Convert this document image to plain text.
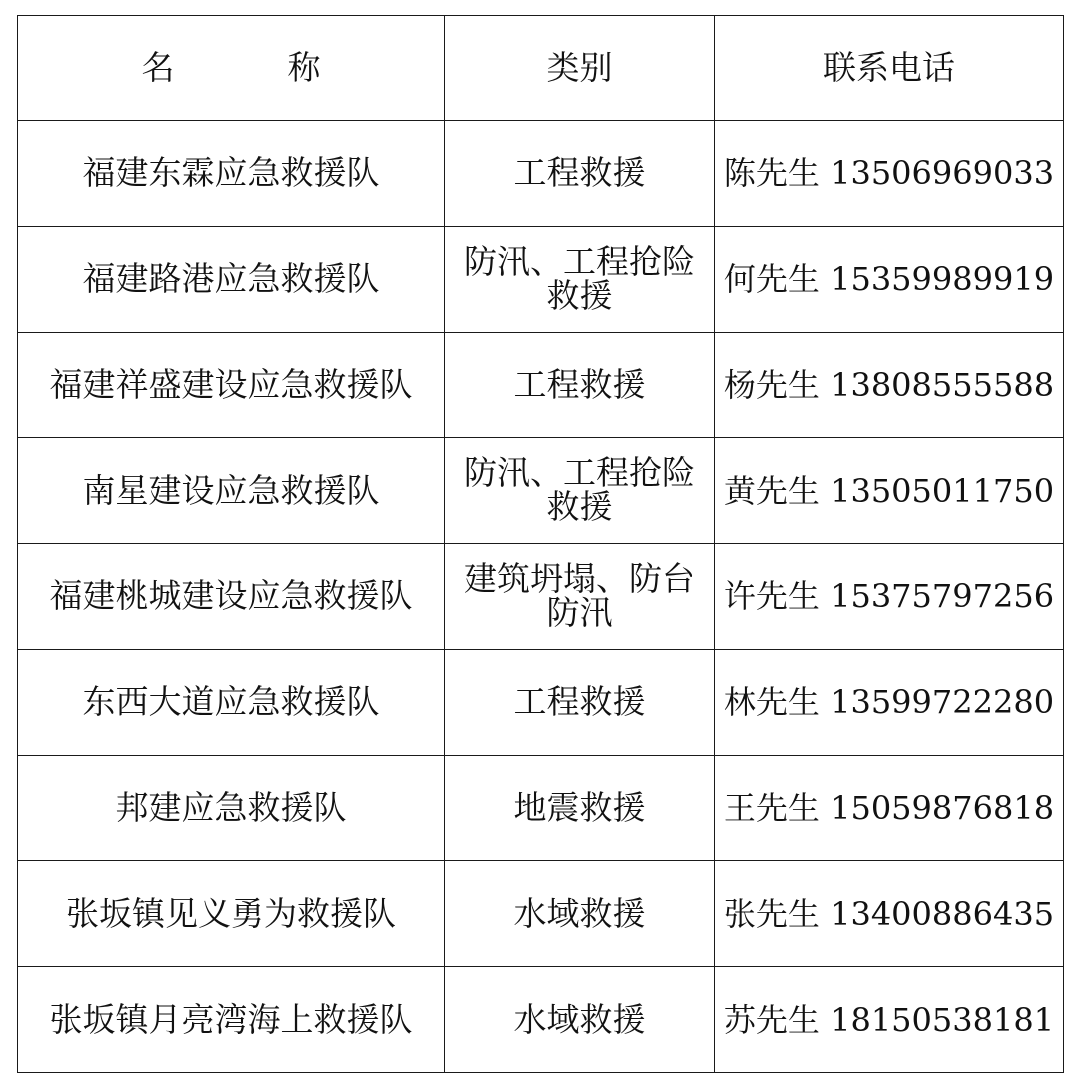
名　称	类别	联系电话
福建东霖应急救援队	工程救援	陈先生 13506969033
福建路港应急救援队	防汛、工程抢险救援	何先生 15359989919
福建祥盛建设应急救援队	工程救援	杨先生 13808555588
南星建设应急救援队	防汛、工程抢险救援	黄先生 13505011750
福建桃城建设应急救援队	建筑坍塌、防台防汛	许先生 15375797256
东西大道应急救援队	工程救援	林先生 13599722280
邦建应急救援队	地震救援	王先生 15059876818
张坂镇见义勇为救援队	水域救援	张先生 13400886435
张坂镇月亮湾海上救援队	水域救援	苏先生 18150538181
